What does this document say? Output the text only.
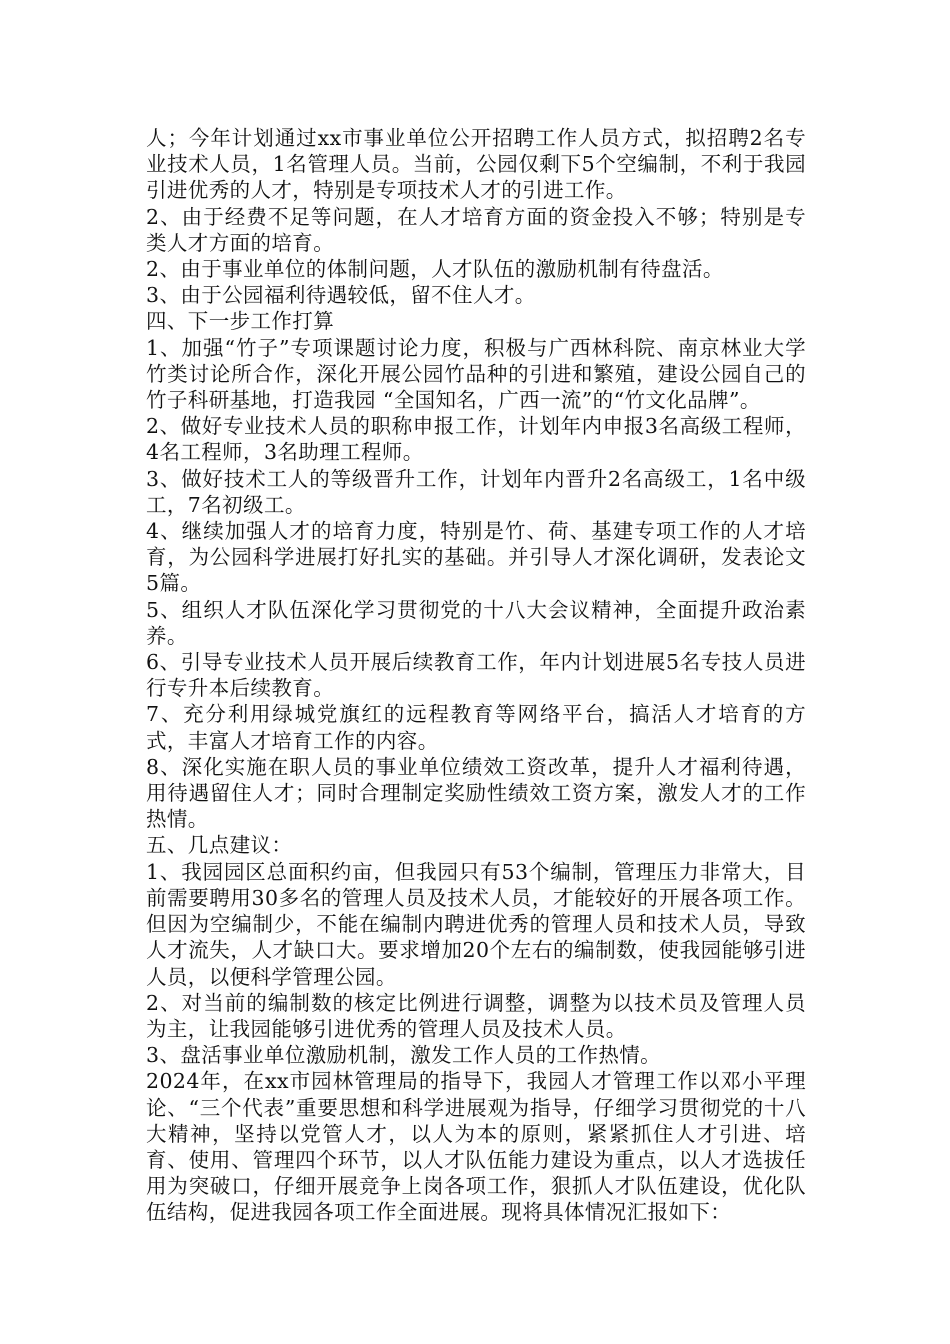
人；今年计划通过xx市事业单位公开招聘工作人员方式，拟招聘2名专业技术人员，1名管理人员。当前，公园仅剩下5个空编制，不利于我园引进优秀的人才，特别是专项技术人才的引进工作。

2、由于经费不足等问题，在人才培育方面的资金投入不够；特别是专类人才方面的培育。

2、由于事业单位的体制问题，人才队伍的激励机制有待盘活。

3、由于公园福利待遇较低，留不住人才。

四、下一步工作打算

1、加强“竹子”专项课题讨论力度，积极与广西林科院、南京林业大学竹类讨论所合作，深化开展公园竹品种的引进和繁殖，建设公园自己的竹子科研基地，打造我园 “全国知名，广西一流”的“竹文化品牌”。

2、做好专业技术人员的职称申报工作，计划年内申报3名高级工程师，4名工程师，3名助理工程师。

3、做好技术工人的等级晋升工作，计划年内晋升2名高级工，1名中级工，7名初级工。

4、继续加强人才的培育力度，特别是竹、荷、基建专项工作的人才培育，为公园科学进展打好扎实的基础。并引导人才深化调研，发表论文5篇。

5、组织人才队伍深化学习贯彻党的十八大会议精神，全面提升政治素养。

6、引导专业技术人员开展后续教育工作，年内计划进展5名专技人员进行专升本后续教育。

7、充分利用绿城党旗红的远程教育等网络平台，搞活人才培育的方式，丰富人才培育工作的内容。

8、深化实施在职人员的事业单位绩效工资改革，提升人才福利待遇，用待遇留住人才；同时合理制定奖励性绩效工资方案，激发人才的工作热情。

五、几点建议：

1、我园园区总面积约亩，但我园只有53个编制，管理压力非常大，目前需要聘用30多名的管理人员及技术人员，才能较好的开展各项工作。但因为空编制少，不能在编制内聘进优秀的管理人员和技术人员，导致人才流失，人才缺口大。要求增加20个左右的编制数，使我园能够引进人员，以便科学管理公园。

2、对当前的编制数的核定比例进行调整，调整为以技术员及管理人员为主，让我园能够引进优秀的管理人员及技术人员。

3、盘活事业单位激励机制，激发工作人员的工作热情。

2024年，在xx市园林管理局的指导下，我园人才管理工作以邓小平理论、“三个代表”重要思想和科学进展观为指导，仔细学习贯彻党的十八大精神，坚持以党管人才，以人为本的原则，紧紧抓住人才引进、培育、使用、管理四个环节，以人才队伍能力建设为重点，以人才选拔任用为突破口，仔细开展竞争上岗各项工作，狠抓人才队伍建设，优化队伍结构，促进我园各项工作全面进展。现将具体情况汇报如下：
